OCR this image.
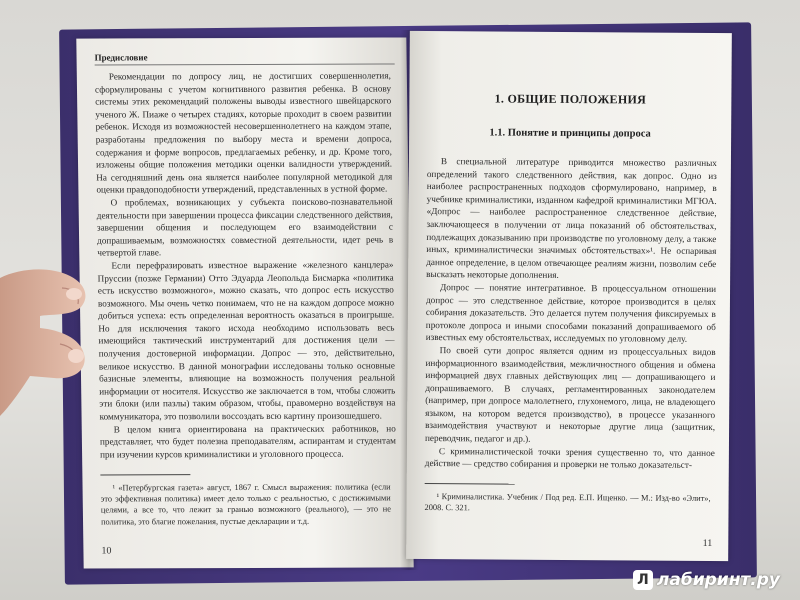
Предисловие

Рекомендации по допросу лиц, не достигших совершеннолетия, сформулированы с учетом когнитивного развития ребенка. В основу системы этих рекомендаций положены выводы известного швейцарского ученого Ж. Пиаже о четырех стадиях, которые проходит в своем развитии ребенок. Исходя из возможностей несовершеннолетнего на каждом этапе, разработаны предложения по выбору места и времени допроса, содержания и форме вопросов, предлагаемых ребенку, и др. Кроме того, изложены общие положения методики оценки валидности утверждений. На сегодняшний день она является наиболее популярной методикой для оценки правдоподобности утверждений, представленных в устной форме.

О проблемах, возникающих у субъекта поисково-познавательной деятельности при завершении процесса фиксации следственного действия, завершении общения и последующем его взаимодействии с допрашиваемым, возможностях совместной деятельности, идет речь в четвертой главе.

Если перефразировать известное выражение «железного канцлера» Пруссии (позже Германии) Отто Эдуарда Леопольда Бисмарка «политика есть искусство возможного», можно сказать, что допрос есть искусство возможного. Мы очень четко понимаем, что не на каждом допросе можно добиться успеха: есть определенная вероятность оказаться в проигрыше. Но для исключения такого исхода необходимо использовать весь имеющийся тактический инструментарий для достижения цели — получения достоверной информации. Допрос — это, действительно, великое искусство. В данной монографии исследованы только основные базисные элементы, влияющие на возможность получения реальной информации от носителя. Искусство же заключается в том, чтобы сложить эти блоки (или пазлы) таким образом, чтобы, правомерно воздействуя на коммуникатора, это позволили воссоздать всю картину произошедшего.

В целом книга ориентирована на практических работников, но представляет, что будет полезна преподавателям, аспирантам и студентам при изучении курсов криминалистики и уголовного процесса.

¹ «Петербургская газета» август, 1867 г. Смысл выражения: политика (если это эффективная политика) имеет дело только с реальностью, с достижимыми целями, а все то, что лежит за гранью возможного (реального), — это не политика, это благие пожелания, пустые декларации и т.д.

10
1. ОБЩИЕ ПОЛОЖЕНИЯ
1.1. Понятие и принципы допроса

В специальной литературе приводится множество различных определений такого следственного действия, как допрос. Одно из наиболее распространенных подходов сформулировано, например, в учебнике криминалистики, изданном кафедрой криминалистики МГЮА. «Допрос — наиболее распространенное следственное действие, заключающееся в получении от лица показаний об обстоятельствах, подлежащих доказыванию при производстве по уголовному делу, а также иных, криминалистически значимых обстоятельствах»¹. Не оспаривая данное определение, в целом отвечающее реалиям жизни, позволим себе высказать некоторые дополнения.

Допрос — понятие интегративное. В процессуальном отношении допрос — это следственное действие, которое производится в целях собирания доказательств. Это делается путем получения фиксируемых в протоколе допроса и иными способами показаний допрашиваемого об известных ему обстоятельствах, исследуемых по уголовному делу.

По своей сути допрос является одним из процессуальных видов информационного взаимодействия, межличностного общения и обмена информацией двух главных действующих лиц — допрашивающего и допрашиваемого. В случаях, регламентированных законодателем (например, при допросе малолетнего, глухонемого, лица, не владеющего языком, на котором ведется производство), в процессе указанного взаимодействия участвуют и некоторые другие лица (защитник, переводчик, педагог и др.).

С криминалистической точки зрения существенно то, что данное действие — средство собирания и проверки не только доказательст-

¹ Криминалистика. Учебник / Под ред. Е.П. Ищенко. — М.: Изд-во «Элит», 2008. С. 321.

11
Л лабиринт.ру
